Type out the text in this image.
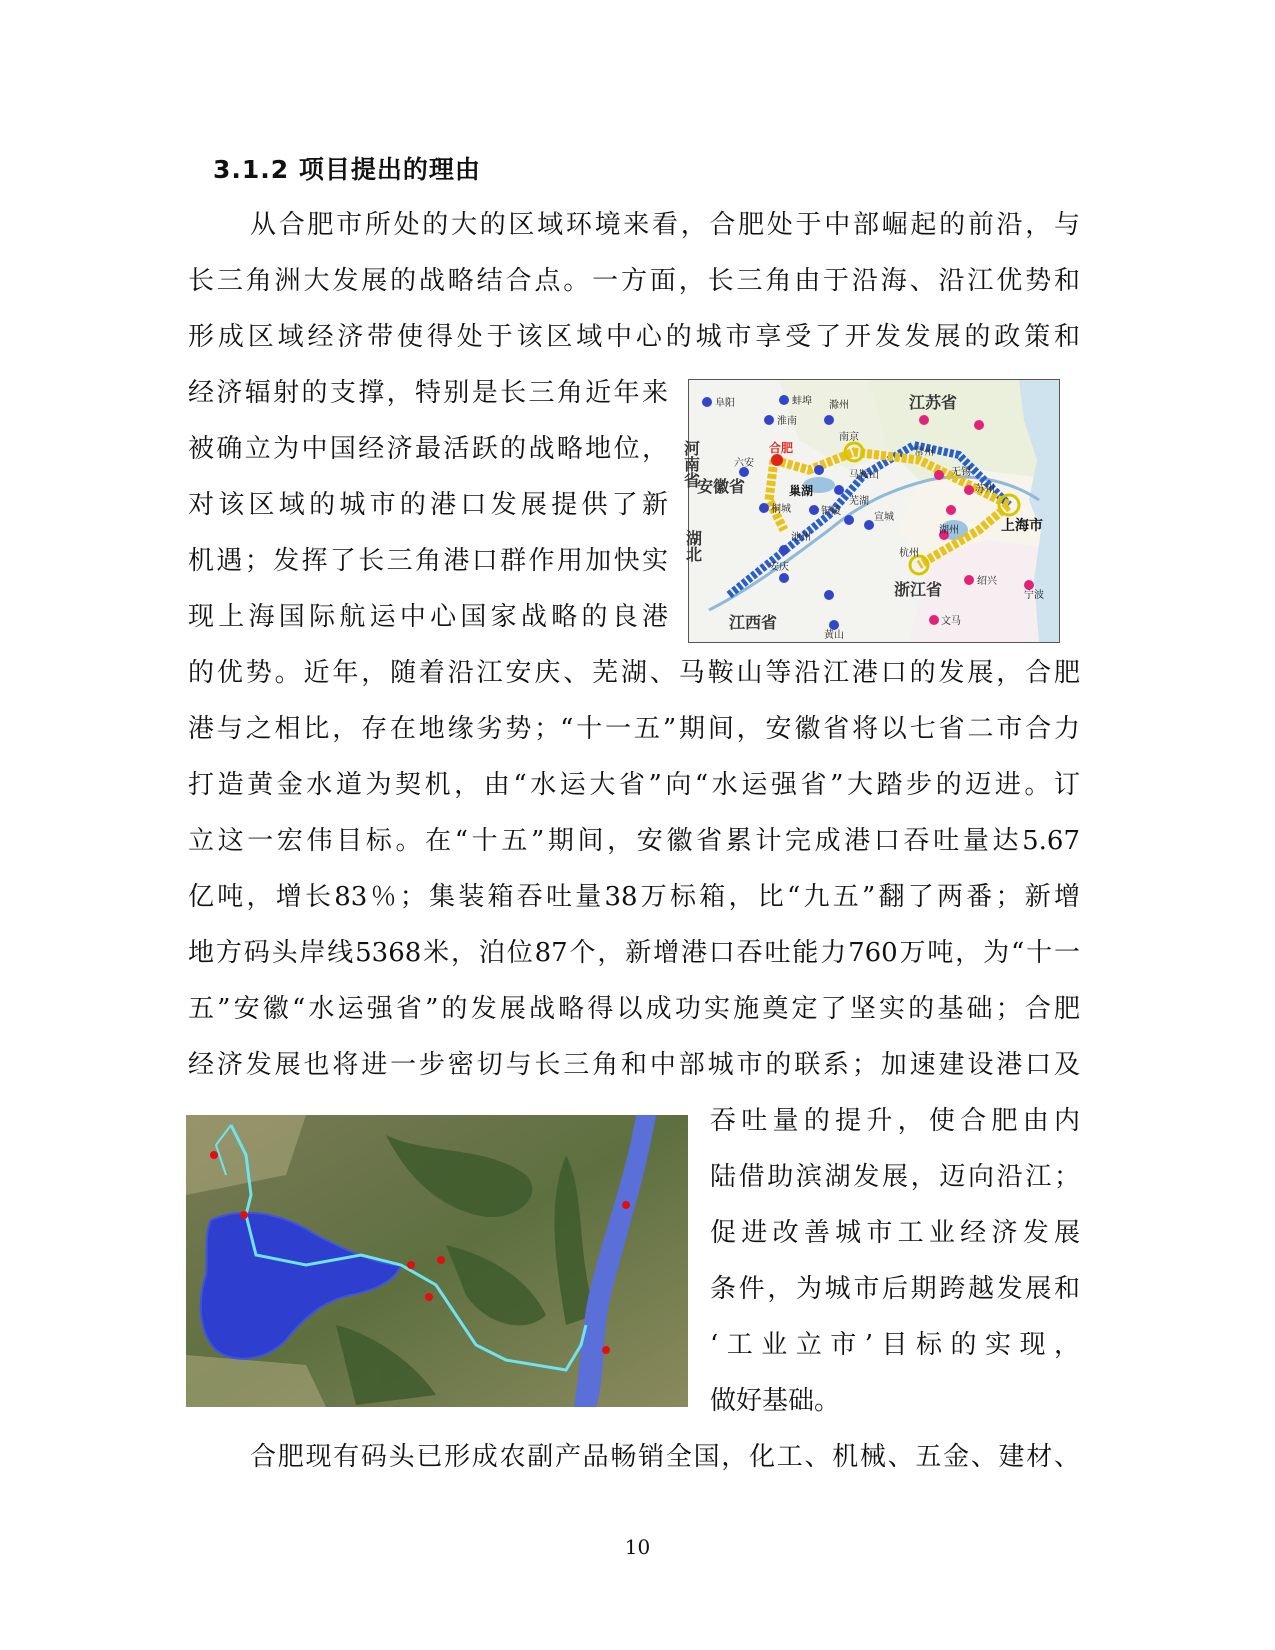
3.1.2 项目提出的理由
从合肥市所处的大的区域环境来看，合肥处于中部崛起的前沿，与
长三角洲大发展的战略结合点。一方面，长三角由于沿海、沿江优势和
形成区域经济带使得处于该区域中心的城市享受了开发发展的政策和
经济辐射的支撑，特别是长三角近年来
被确立为中国经济最活跃的战略地位，
对该区域的城市的港口发展提供了新
机遇；发挥了长三角港口群作用加快实
现上海国际航运中心国家战略的良港
的优势。近年，随着沿江安庆、芜湖、马鞍山等沿江港口的发展，合肥
港与之相比，存在地缘劣势；“十一五”期间，安徽省将以七省二市合力
打造黄金水道为契机，由“水运大省”向“水运强省”大踏步的迈进。订
立这一宏伟目标。在“十五”期间，安徽省累计完成港口吞吐量达5.67
亿吨，增长83％；集装箱吞吐量38万标箱，比“九五”翻了两番；新增
地方码头岸线5368米，泊位87个，新增港口吞吐能力760万吨，为“十一
五”安徽“水运强省”的发展战略得以成功实施奠定了坚实的基础；合肥
经济发展也将进一步密切与长三角和中部城市的联系；加速建设港口及
吞吐量的提升，使合肥由内
陆借助滨湖发展，迈向沿江；
促进改善城市工业经济发展
条件，为城市后期跨越发展和
‘工业立市’目标的实现，
做好基础。
合肥现有码头已形成农副产品畅销全国，化工、机械、五金、建材、
阜阳	蚌埠
淮南
滁州
南京
六安
马鞍山
芜湖
桐城	铜陵
宣城
池州
安庆
黄山
常州
无锡
苏州
湖州
杭州
绍兴
宁波
文马
合肥
巢湖
上海市
江苏省
安徽省
浙江省
江西省
河南省
湖北
10
